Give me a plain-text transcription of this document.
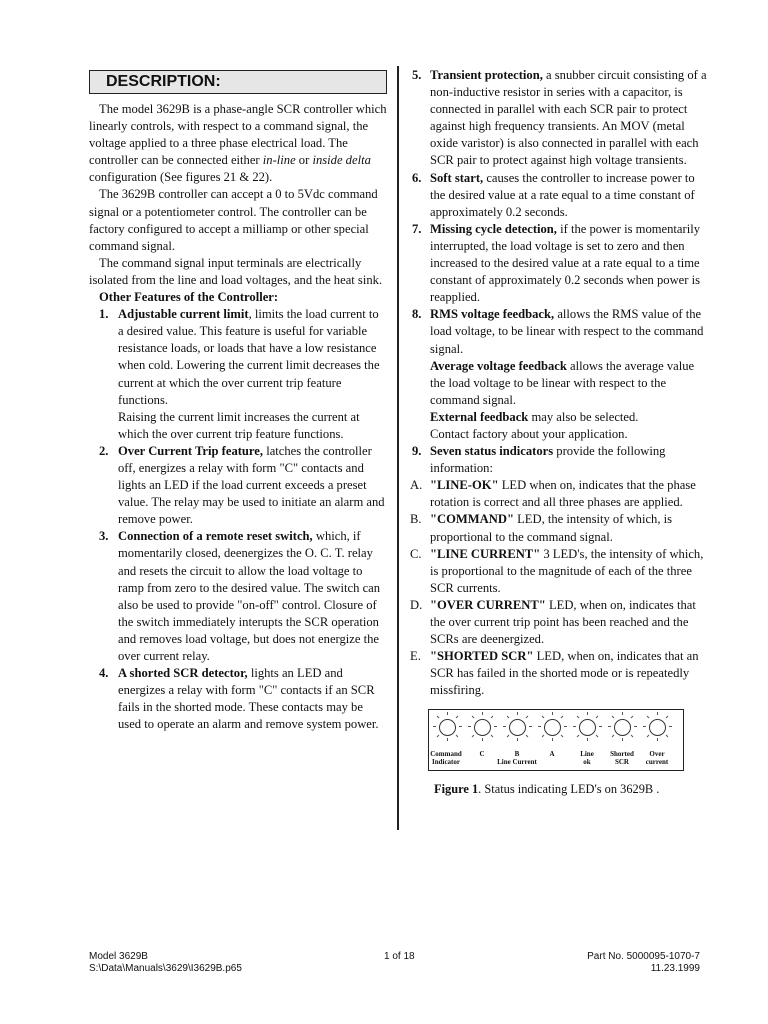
DESCRIPTION:

The model 3629B is a phase-angle SCR controller which linearly controls, with respect to a command signal, the voltage applied to a three phase electrical load. The controller can be connected either in-line or inside delta configuration (See figures 21 & 22).

The 3629B controller can accept a 0 to 5Vdc command signal or a potentiometer control. The controller can be factory configured to accept a milliamp or other special command signal.

The command signal input terminals are electrically isolated from the line and load voltages, and the heat sink.

Other Features of the Controller:

1. Adjustable current limit, limits the load current to a desired value. This feature is useful for variable resistance loads, or loads that have a low resistance when cold. Lowering the current limit decreases the current at which the over current trip feature functions.

Raising the current limit increases the current at which the over current trip feature functions.

2. Over Current Trip feature, latches the controller off, energizes a relay with form "C" contacts and lights an LED if the load current exceeds a preset value. The relay may be used to initiate an alarm and remove power.
3. Connection of a remote reset switch, which, if momentarily closed, deenergizes the O. C. T. relay and resets the circuit to allow the load voltage to ramp from zero to the desired value. The switch can also be used to provide "on-off" control. Closure of the switch immediately interupts the SCR operation and removes load voltage, but does not energize the over current relay.
4. A shorted SCR detector, lights an LED and energizes a relay with form "C" contacts if an SCR fails in the shorted mode. These contacts may be used to operate an alarm and remove system power.
5. Transient protection, a snubber circuit consisting of a non-inductive resistor in series with a capacitor, is connected in parallel with each SCR pair to protect against high frequency transients. An MOV (metal oxide varistor) is also connected in parallel with each SCR pair to protect against high voltage transients.
6. Soft start, causes the controller to increase power to the desired value at a rate equal to a time constant of approximately 0.2 seconds.
7. Missing cycle detection, if the power is momentarily interrupted, the load voltage is set to zero and then increased to the desired value at a rate equal to a time constant of approximately 0.2 seconds when power is reapplied.
8. RMS voltage feedback, allows the RMS value of the load voltage, to be linear with respect to the command signal.

Average voltage feedback allows the average value the load voltage to be linear with respect to the command signal.

External feedback may also be selected.

Contact factory about your application.

9. Seven status indicators provide the following information:
A. "LINE-OK" LED when on, indicates that the phase rotation is correct and all three phases are applied.
B. "COMMAND" LED, the intensity of which, is proportional to the command signal.
C. "LINE CURRENT" 3 LED's, the intensity of which, is proportional to the magnitude of each of the three SCR currents.
D. "OVER CURRENT" LED, when on, indicates that the over current trip point has been reached and the SCRs are deenergized.
E. "SHORTED SCR" LED, when on, indicates that an SCR has failed in the shorted mode or is repeatedly missfiring.
Command
Indicator
C	B
Line Current
A	Line
ok
Shorted
SCR
Over
current

Figure 1. Status indicating LED's on 3629B .

Model 3629B
S:\Data\Manuals\3629\I3629B.p65
1 of 18	Part No. 5000095-1070-7
11.23.1999
